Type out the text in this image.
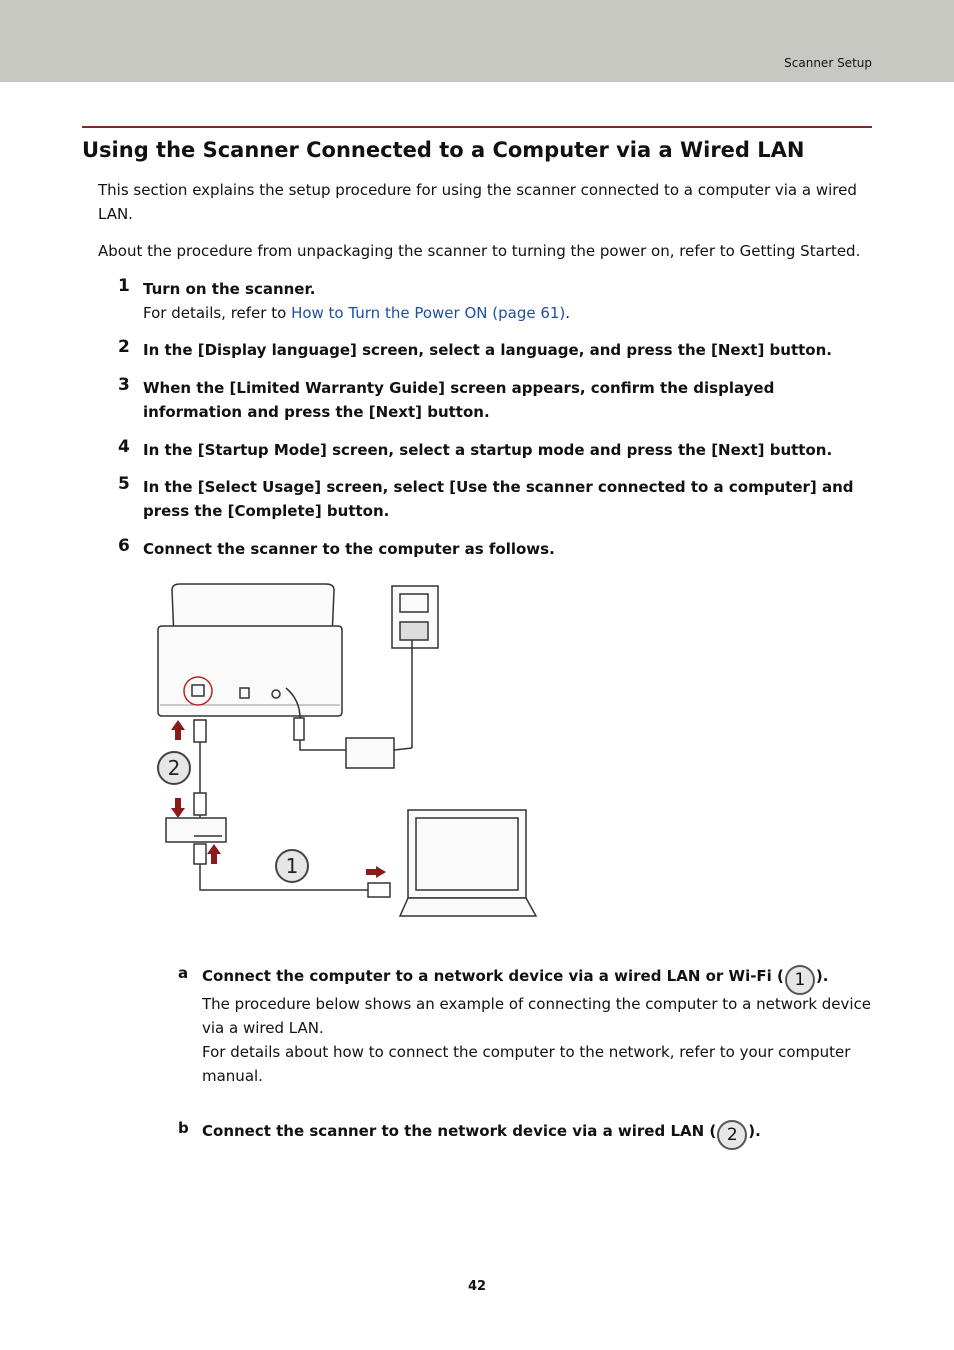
Scanner Setup
Using the Scanner Connected to a Computer via a Wired LAN
This section explains the setup procedure for using the scanner connected to a computer via a wired LAN.
About the procedure from unpackaging the scanner to turning the power on, refer to Getting Started.
1 Turn on the scanner.
For details, refer to How to Turn the Power ON (page 61).
2 In the [Display language] screen, select a language, and press the [Next] button.
3 When the [Limited Warranty Guide] screen appears, confirm the displayed information and press the [Next] button.
4 In the [Startup Mode] screen, select a startup mode and press the [Next] button.
5 In the [Select Usage] screen, select [Use the scanner connected to a computer] and press the [Complete] button.
6 Connect the scanner to the computer as follows.
2
1
a Connect the computer to a network device via a wired LAN or Wi-Fi ( 1 ).
The procedure below shows an example of connecting the computer to a network device via a wired LAN.
For details about how to connect the computer to the network, refer to your computer manual.
b Connect the scanner to the network device via a wired LAN ( 2 ).
42
